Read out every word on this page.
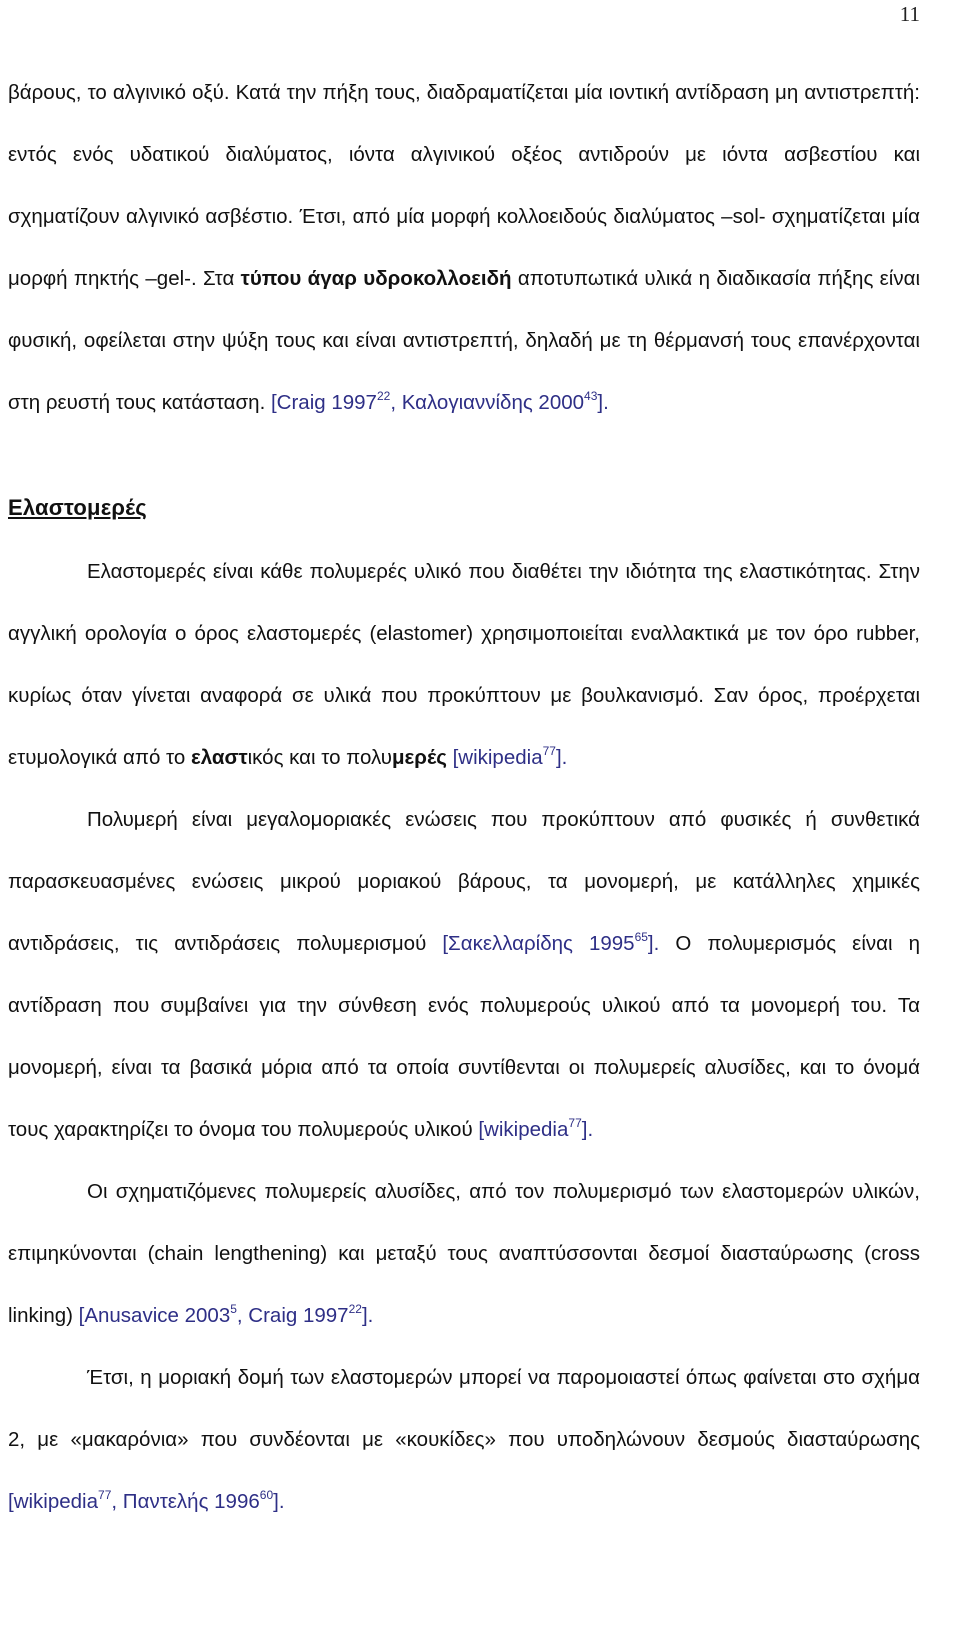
11

βάρους, το αλγινικό οξύ. Κατά την πήξη τους, διαδραματίζεται μία ιοντική αντίδραση μη αντιστρεπτή: εντός ενός υδατικού διαλύματος, ιόντα αλγινικού οξέος αντιδρούν με ιόντα ασβεστίου και σχηματίζουν αλγινικό ασβέστιο. Έτσι, από μία μορφή κολλοειδούς διαλύματος –sol- σχηματίζεται μία μορφή πηκτής –gel-. Στα τύπου άγαρ υδροκολλοειδή αποτυπωτικά υλικά η διαδικασία πήξης είναι φυσική, οφείλεται στην ψύξη τους και είναι αντιστρεπτή, δηλαδή με τη θέρμανσή τους επανέρχονται στη ρευστή τους κατάσταση. [Craig 1997$^{22}$, Καλογιαννίδης 2000$^{43}$].

Ελαστομερές

Ελαστομερές είναι κάθε πολυμερές υλικό που διαθέτει την ιδιότητα της ελαστικότητας. Στην αγγλική ορολογία ο όρος ελαστομερές (elastomer) χρησιμοποιείται εναλλακτικά με τον όρο rubber, κυρίως όταν γίνεται αναφορά σε υλικά που προκύπτουν με βουλκανισμό. Σαν όρος, προέρχεται ετυμολογικά από το ελαστικός και το πολυμερές [wikipedia$^{77}$].

Πολυμερή είναι μεγαλομοριακές ενώσεις που προκύπτουν από φυσικές ή συνθετικά παρασκευασμένες ενώσεις μικρού μοριακού βάρους, τα μονομερή, με κατάλληλες χημικές αντιδράσεις, τις αντιδράσεις πολυμερισμού [Σακελλαρίδης 1995$^{65}$]. Ο πολυμερισμός είναι η αντίδραση που συμβαίνει για την σύνθεση ενός πολυμερούς υλικού από τα μονομερή του. Τα μονομερή, είναι τα βασικά μόρια από τα οποία συντίθενται οι πολυμερείς αλυσίδες, και το όνομά τους χαρακτηρίζει το όνομα του πολυμερούς υλικού [wikipedia$^{77}$].

Οι σχηματιζόμενες πολυμερείς αλυσίδες, από τον πολυμερισμό των ελαστομερών υλικών, επιμηκύνονται (chain lengthening) και μεταξύ τους αναπτύσσονται δεσμοί διασταύρωσης (cross linking) [Anusavice 2003$^5$, Craig 1997$^{22}$].

Έτσι, η μοριακή δομή των ελαστομερών μπορεί να παρομοιαστεί όπως φαίνεται στο σχήμα 2, με «μακαρόνια» που συνδέονται με «κουκίδες» που υποδηλώνουν δεσμούς διασταύρωσης [wikipedia$^{77}$, Παντελής 1996$^{60}$].
